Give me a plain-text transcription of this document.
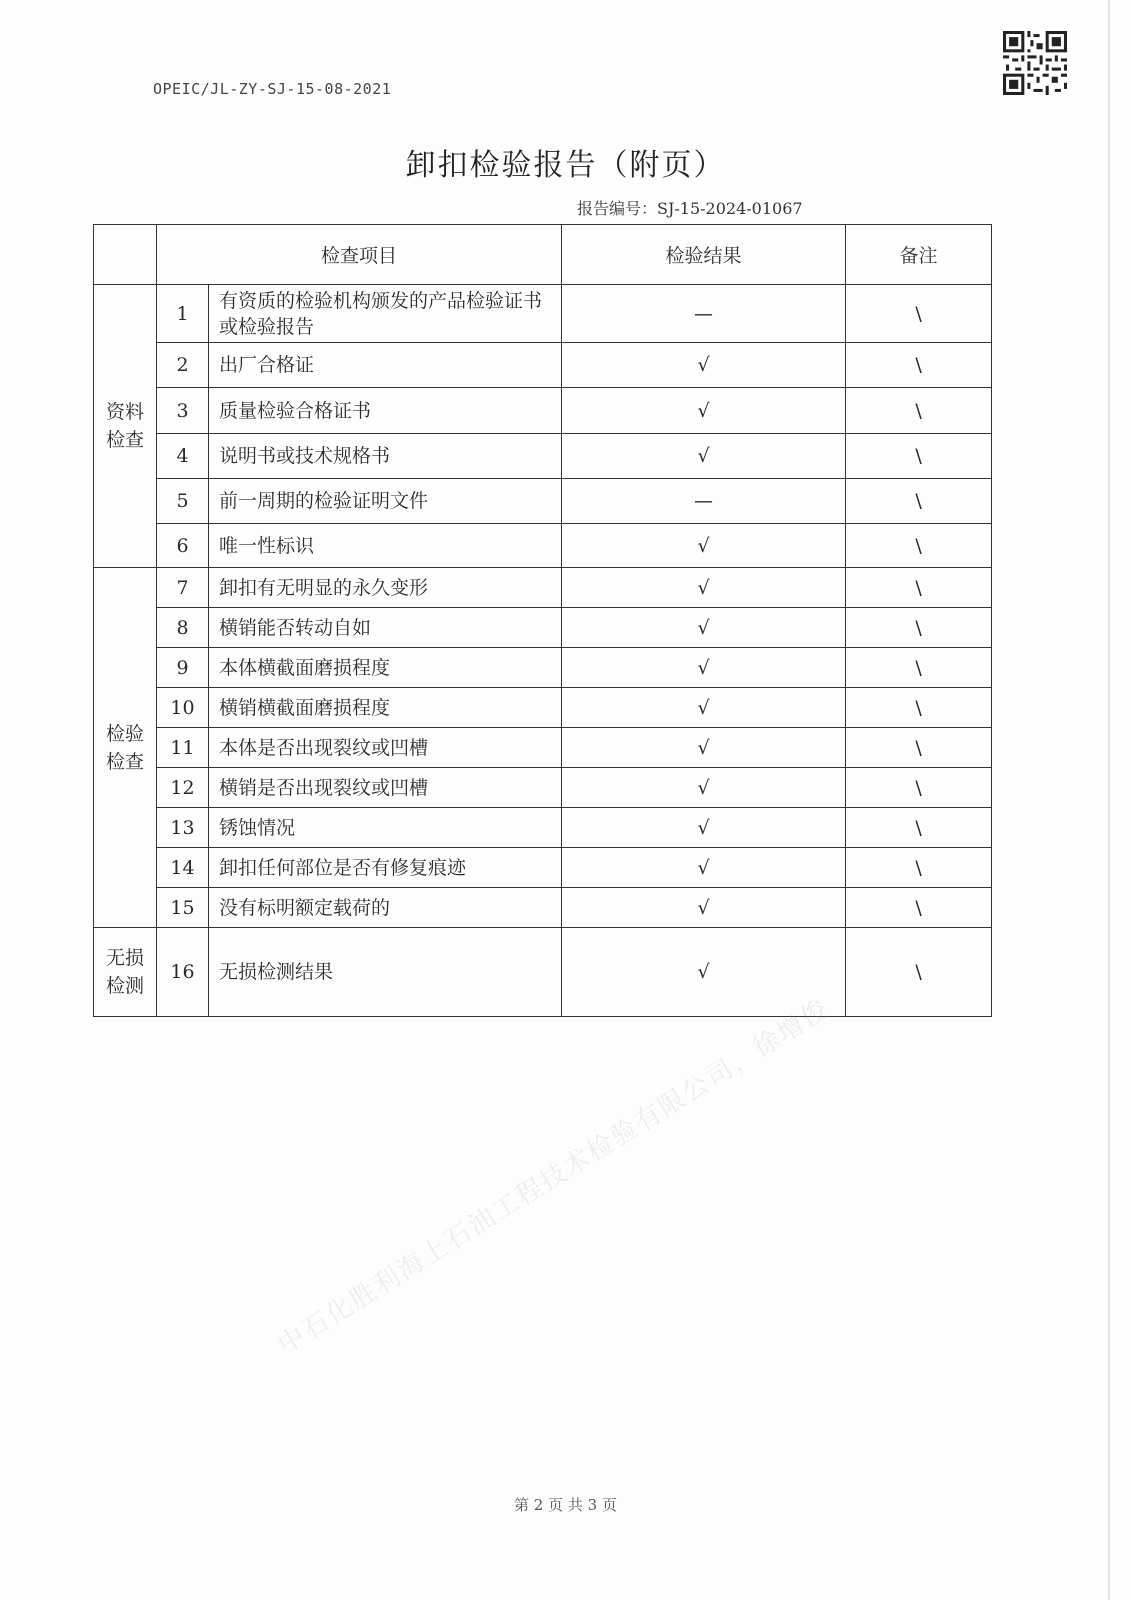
OPEIC/JL-ZY-SJ-15-08-2021
卸扣检验报告（附页）
报告编号：SJ-15-2024-01067
	检查项目		检验结果	备注
资料检查	1	有资质的检验机构颁发的产品检验证书或检验报告	—	\
	2	出厂合格证	√	\
	3	质量检验合格证书	√	\
	4	说明书或技术规格书	√	\
	5	前一周期的检验证明文件	—	\
	6	唯一性标识	√	\
检验检查	7	卸扣有无明显的永久变形	√	\
	8	横销能否转动自如	√	\
	9	本体横截面磨损程度	√	\
	10	横销横截面磨损程度	√	\
	11	本体是否出现裂纹或凹槽	√	\
	12	横销是否出现裂纹或凹槽	√	\
	13	锈蚀情况	√	\
	14	卸扣任何部位是否有修复痕迹	√	\
	15	没有标明额定载荷的	√	\
无损检测	16	无损检测结果	√	\
中石化胜利海上石油工程技术检验有限公司，徐增俊
第 2 页 共 3 页
